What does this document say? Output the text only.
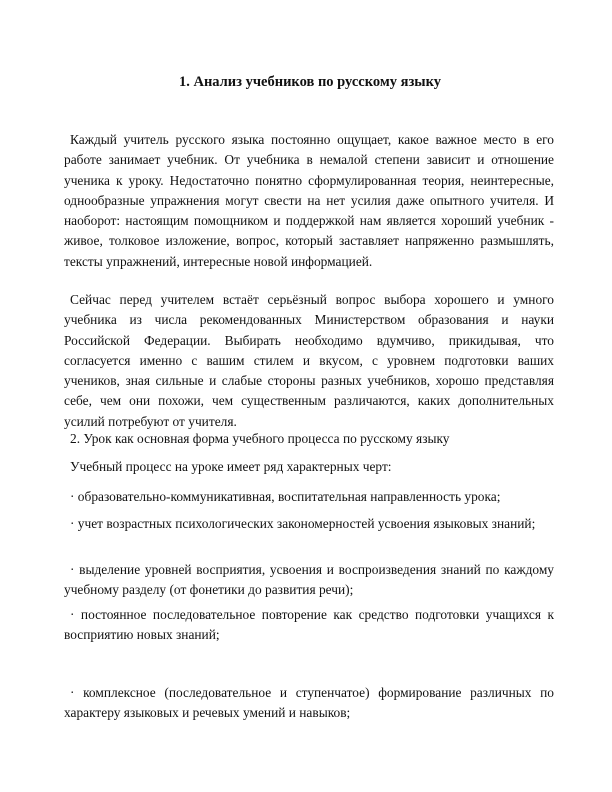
1. Анализ учебников по русскому языку
Каждый учитель русского языка постоянно ощущает, какое важное место в его работе занимает учебник. От учебника в немалой степени зависит и отношение ученика к уроку. Недостаточно понятно сформулированная теория, неинтересные, однообразные упражнения могут свести на нет усилия даже опытного учителя. И наоборот: настоящим помощником и поддержкой нам является хороший учебник - живое, толковое изложение, вопрос, который заставляет напряженно размышлять, тексты упражнений, интересные новой информацией.
Сейчас перед учителем встаёт серьёзный вопрос выбора хорошего и умного учебника из числа рекомендованных Министерством образования и науки Российской Федерации. Выбирать необходимо вдумчиво, прикидывая, что согласуется именно с вашим стилем и вкусом, с уровнем подготовки ваших учеников, зная сильные и слабые стороны разных учебников, хорошо представляя себе, чем они похожи, чем существенным различаются, каких дополнительных усилий потребуют от учителя.
2. Урок как основная форма учебного процесса по русскому языку
Учебный процесс на уроке имеет ряд характерных черт:
· образовательно-коммуникативная, воспитательная направленность урока;
· учет возрастных психологических закономерностей усвоения языковых знаний;
· выделение уровней восприятия, усвоения и воспроизведения знаний по каждому учебному разделу (от фонетики до развития речи);
· постоянное последовательное повторение как средство подготовки учащихся к восприятию новых знаний;
· комплексное (последовательное и ступенчатое) формирование различных по характеру языковых и речевых умений и навыков;
